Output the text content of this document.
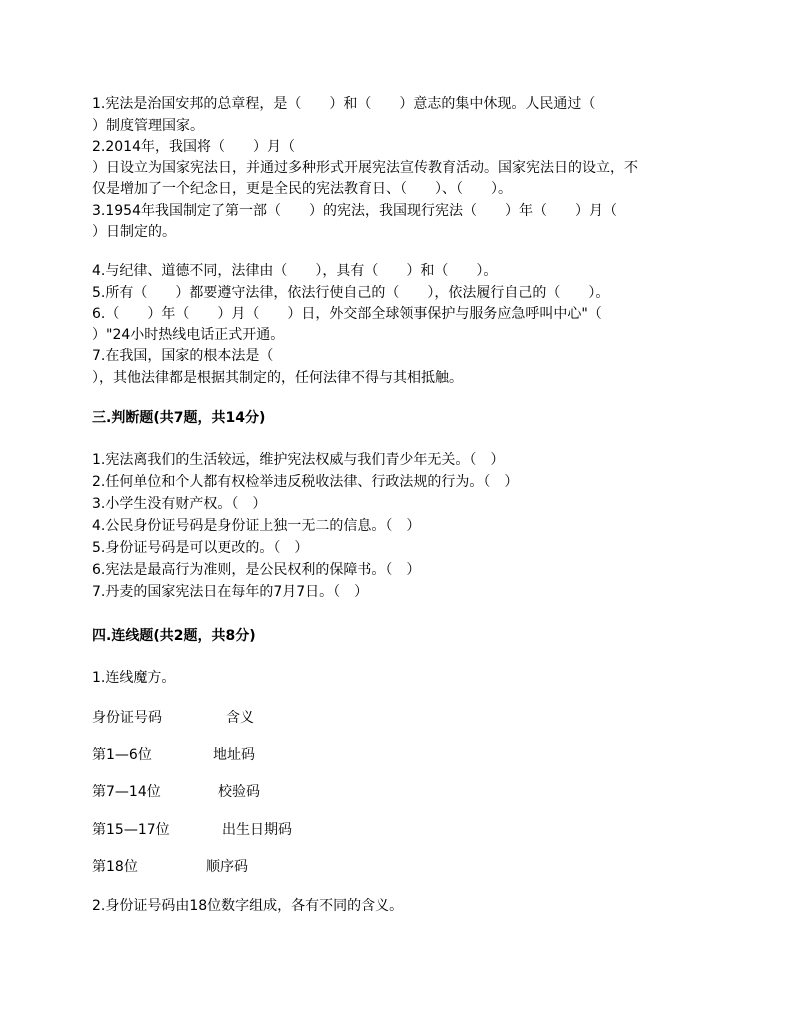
1.宪法是治国安邦的总章程，是（　　）和（　　）意志的集中休现。人民通过（
）制度管理国家。
2.2014年，我国将（　　）月（
）日设立为国家宪法日，并通过多种形式开展宪法宣传教育活动。国家宪法日的设立，不
仅是增加了一个纪念日，更是全民的宪法教育日、（　　）、（　　）。
3.1954年我国制定了第一部（　　）的宪法，我国现行宪法（　　）年（　　）月（
）日制定的。
4.与纪律、道德不同，法律由（　　），具有（　　）和（　　）。
5.所有（　　）都要遵守法律，依法行使自己的（　　），依法履行自己的（　　）。
6.（　　）年（　　）月（　　）日，外交部全球领事保护与服务应急呼叫中心"（
）"24小时热线电话正式开通。
7.在我国，国家的根本法是（
），其他法律都是根据其制定的，任何法律不得与其相抵触。
三.判断题(共7题，共14分)
1.宪法离我们的生活较远，维护宪法权威与我们青少年无关。（　）
2.任何单位和个人都有权检举违反税收法律、行政法规的行为。（　）
3.小学生没有财产权。（　）
4.公民身份证号码是身份证上独一无二的信息。（　）
5.身份证号码是可以更改的。（　）
6.宪法是最高行为准则，是公民权利的保障书。（　）
7.丹麦的国家宪法日在每年的7月7日。（　）
四.连线题(共2题，共8分)
1.连线魔方。
身份证号码	含义
第1—6位	地址码
第7—14位	校验码
第15—17位	出生日期码
第18位	顺序码
2.身份证号码由18位数字组成，各有不同的含义。
